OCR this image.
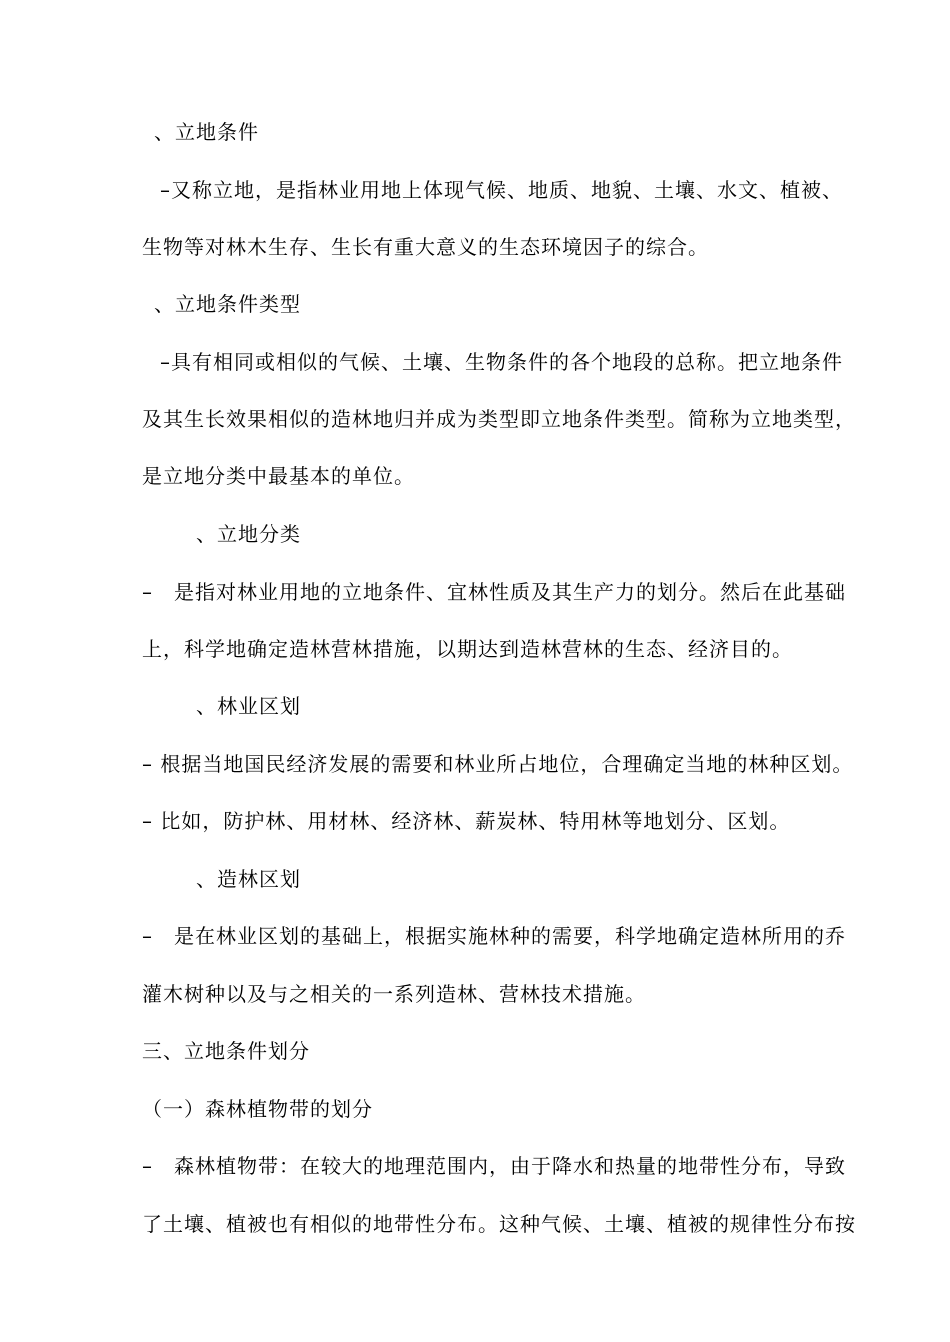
、立地条件
–又称立地，是指林业用地上体现气候、地质、地貌、土壤、水文、植被、
生物等对林木生存、生长有重大意义的生态环境因子的综合。
、立地条件类型
–具有相同或相似的气候、土壤、生物条件的各个地段的总称。把立地条件
及其生长效果相似的造林地归并成为类型即立地条件类型。简称为立地类型，
是立地分类中最基本的单位。
、立地分类
–　是指对林业用地的立地条件、宜林性质及其生产力的划分。然后在此基础
上，科学地确定造林营林措施，以期达到造林营林的生态、经济目的。
、林业区划
– 根据当地国民经济发展的需要和林业所占地位，合理确定当地的林种区划。
– 比如，防护林、用材林、经济林、薪炭林、特用林等地划分、区划。
、造林区划
–　是在林业区划的基础上，根据实施林种的需要，科学地确定造林所用的乔
灌木树种以及与之相关的一系列造林、营林技术措施。
三、立地条件划分
（一）森林植物带的划分
–　森林植物带：在较大的地理范围内，由于降水和热量的地带性分布，导致
了土壤、植被也有相似的地带性分布。这种气候、土壤、植被的规律性分布按
